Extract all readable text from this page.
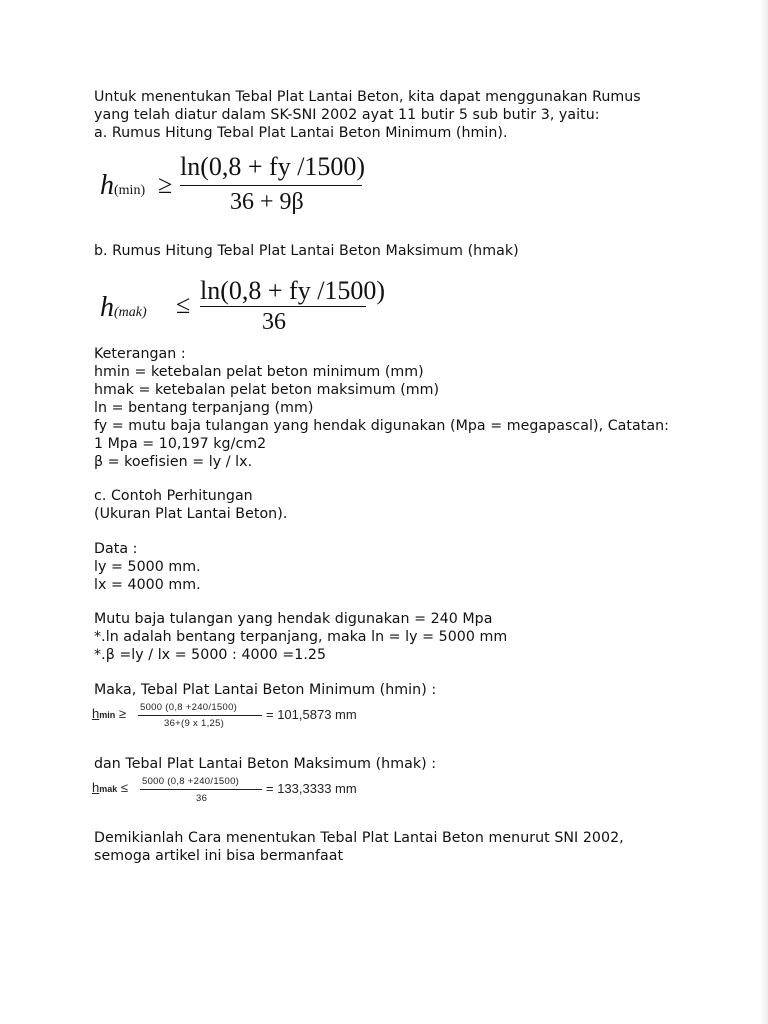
Untuk menentukan Tebal Plat Lantai Beton, kita dapat menggunakan Rumus
yang telah diatur dalam SK-SNI 2002 ayat 11 butir 5 sub butir 3, yaitu:
a. Rumus Hitung Tebal Plat Lantai Beton Minimum (hmin).
h(min) ≥
ln(0,8 + fy /1500)
36 + 9β
b. Rumus Hitung Tebal Plat Lantai Beton Maksimum (hmak)
h(mak) ≤ ln(0,8 + fy /1500)
36
Keterangan :
hmin = ketebalan pelat beton minimum (mm)
hmak = ketebalan pelat beton maksimum (mm)
ln = bentang terpanjang (mm)
fy = mutu baja tulangan yang hendak digunakan (Mpa = megapascal), Catatan:
1 Mpa = 10,197 kg/cm2
β = koefisien = ly / lx.
c. Contoh Perhitungan
(Ukuran Plat Lantai Beton).
Data :
ly = 5000 mm.
lx = 4000 mm.
Mutu baja tulangan yang hendak digunakan = 240 Mpa
*.ln adalah bentang terpanjang, maka ln = ly = 5000 mm
*.β =ly / lx = 5000 : 4000 =1.25
Maka, Tebal Plat Lantai Beton Minimum (hmin) :
hmin ≥ 5000 (0,8 +240/1500)
36+(9 x 1,25)
= 101,5873 mm
dan Tebal Plat Lantai Beton Maksimum (hmak) :
hmak ≤ 5000 (0,8 +240/1500)
36
= 133,3333 mm
Demikianlah Cara menentukan Tebal Plat Lantai Beton menurut SNI 2002,
semoga artikel ini bisa bermanfaat
